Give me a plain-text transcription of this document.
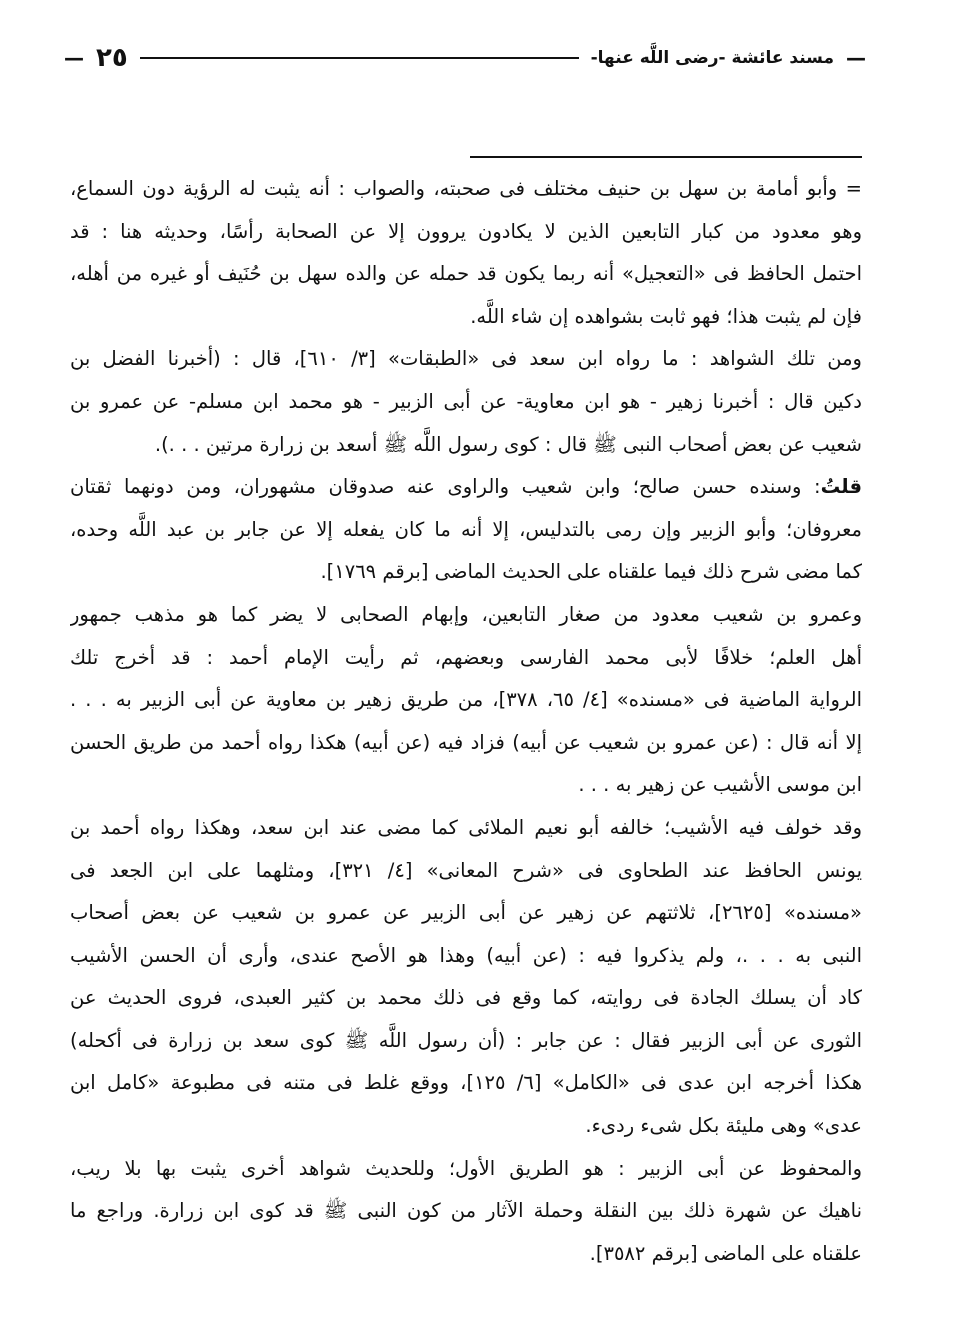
—
مسند عائشة -رضى اللَّه عنها-
٢٥
—
= وأبو أمامة بن سهل بن حنيف مختلف فى صحبته، والصواب : أنه يثبت له الرؤية دون السماع،
وهو معدود من كبار التابعين الذين لا يكادون يروون إلا عن الصحابة رأسًا، وحديثه هنا : قد
احتمل الحافظ فى «التعجيل» أنه ربما يكون قد حمله عن والده سهل بن حُنَيف أو غيره من أهله،
فإن لم يثبت هذا؛ فهو ثابت بشواهده إن شاء اللَّه.
ومن تلك الشواهد : ما رواه ابن سعد فى «الطبقات» [٣/ ٦١٠]، قال : (أخبرنا الفضل بن
دكين قال : أخبرنا زهير - هو ابن معاوية- عن أبى الزبير - هو محمد ابن مسلم- عن عمرو بن
شعيب عن بعض أصحاب النبى ﷺ قال : كوى رسول اللَّه ﷺ أسعد بن زرارة مرتين . . .).
قلتُ: وسنده حسن صالح؛ وابن شعيب والراوى عنه صدوقان مشهوران، ومن دونهما ثقتان
معروفان؛ وأبو الزبير وإن رمى بالتدليس، إلا أنه ما كان يفعله إلا عن جابر بن عبد اللَّه وحده،
كما مضى شرح ذلك فيما علقناه على الحديث الماضى [برقم ١٧٦٩].
وعمرو بن شعيب معدود من صغار التابعين، وإبهام الصحابى لا يضر كما هو مذهب جمهور
أهل العلم؛ خلافًا لأبى محمد الفارسى وبعضهم، ثم رأيت الإمام أحمد : قد أخرج تلك
الرواية الماضية فى «مسنده» [٤/ ٦٥، ٣٧٨]، من طريق زهير بن معاوية عن أبى الزبير به . . .
إلا أنه قال : (عن عمرو بن شعيب عن أبيه) فزاد فيه (عن أبيه) هكذا رواه أحمد من طريق الحسن
ابن موسى الأشيب عن زهير به . . .
وقد خولف فيه الأشيب؛ خالفه أبو نعيم الملائى كما مضى عند ابن سعد، وهكذا رواه أحمد بن
يونس الحافظ عند الطحاوى فى «شرح المعانى» [٤/ ٣٢١]، ومثلهما على ابن الجعد فى
«مسنده» [٢٦٢٥]، ثلاثتهم عن زهير عن أبى الزبير عن عمرو بن شعيب عن بعض أصحاب
النبى به . . .، ولم يذكروا فيه : (عن أبيه) وهذا هو الأصح عندى، وأرى أن الحسن الأشيب
كاد أن يسلك الجادة فى روايته، كما وقع فى ذلك محمد بن كثير العبدى، فروى الحديث عن
الثورى عن أبى الزبير فقال : عن جابر : (أن رسول اللَّه ﷺ كوى سعد بن زرارة فى أكحله)
هكذا أخرجه ابن عدى فى «الكامل» [٦/ ١٢٥]، ووقع غلط فى متنه فى مطبوعة «كامل ابن
عدى» وهى مليئة بكل شىء ردىء.
والمحفوظ عن أبى الزبير : هو الطريق الأول؛ وللحديث شواهد أخرى يثبت بها بلا ريب،
ناهيك عن شهرة ذلك بين النقلة وحملة الآثار من كون النبى ﷺ قد كوى ابن زرارة. وراجع ما
علقناه على الماضى [برقم ٣٥٨٢].
